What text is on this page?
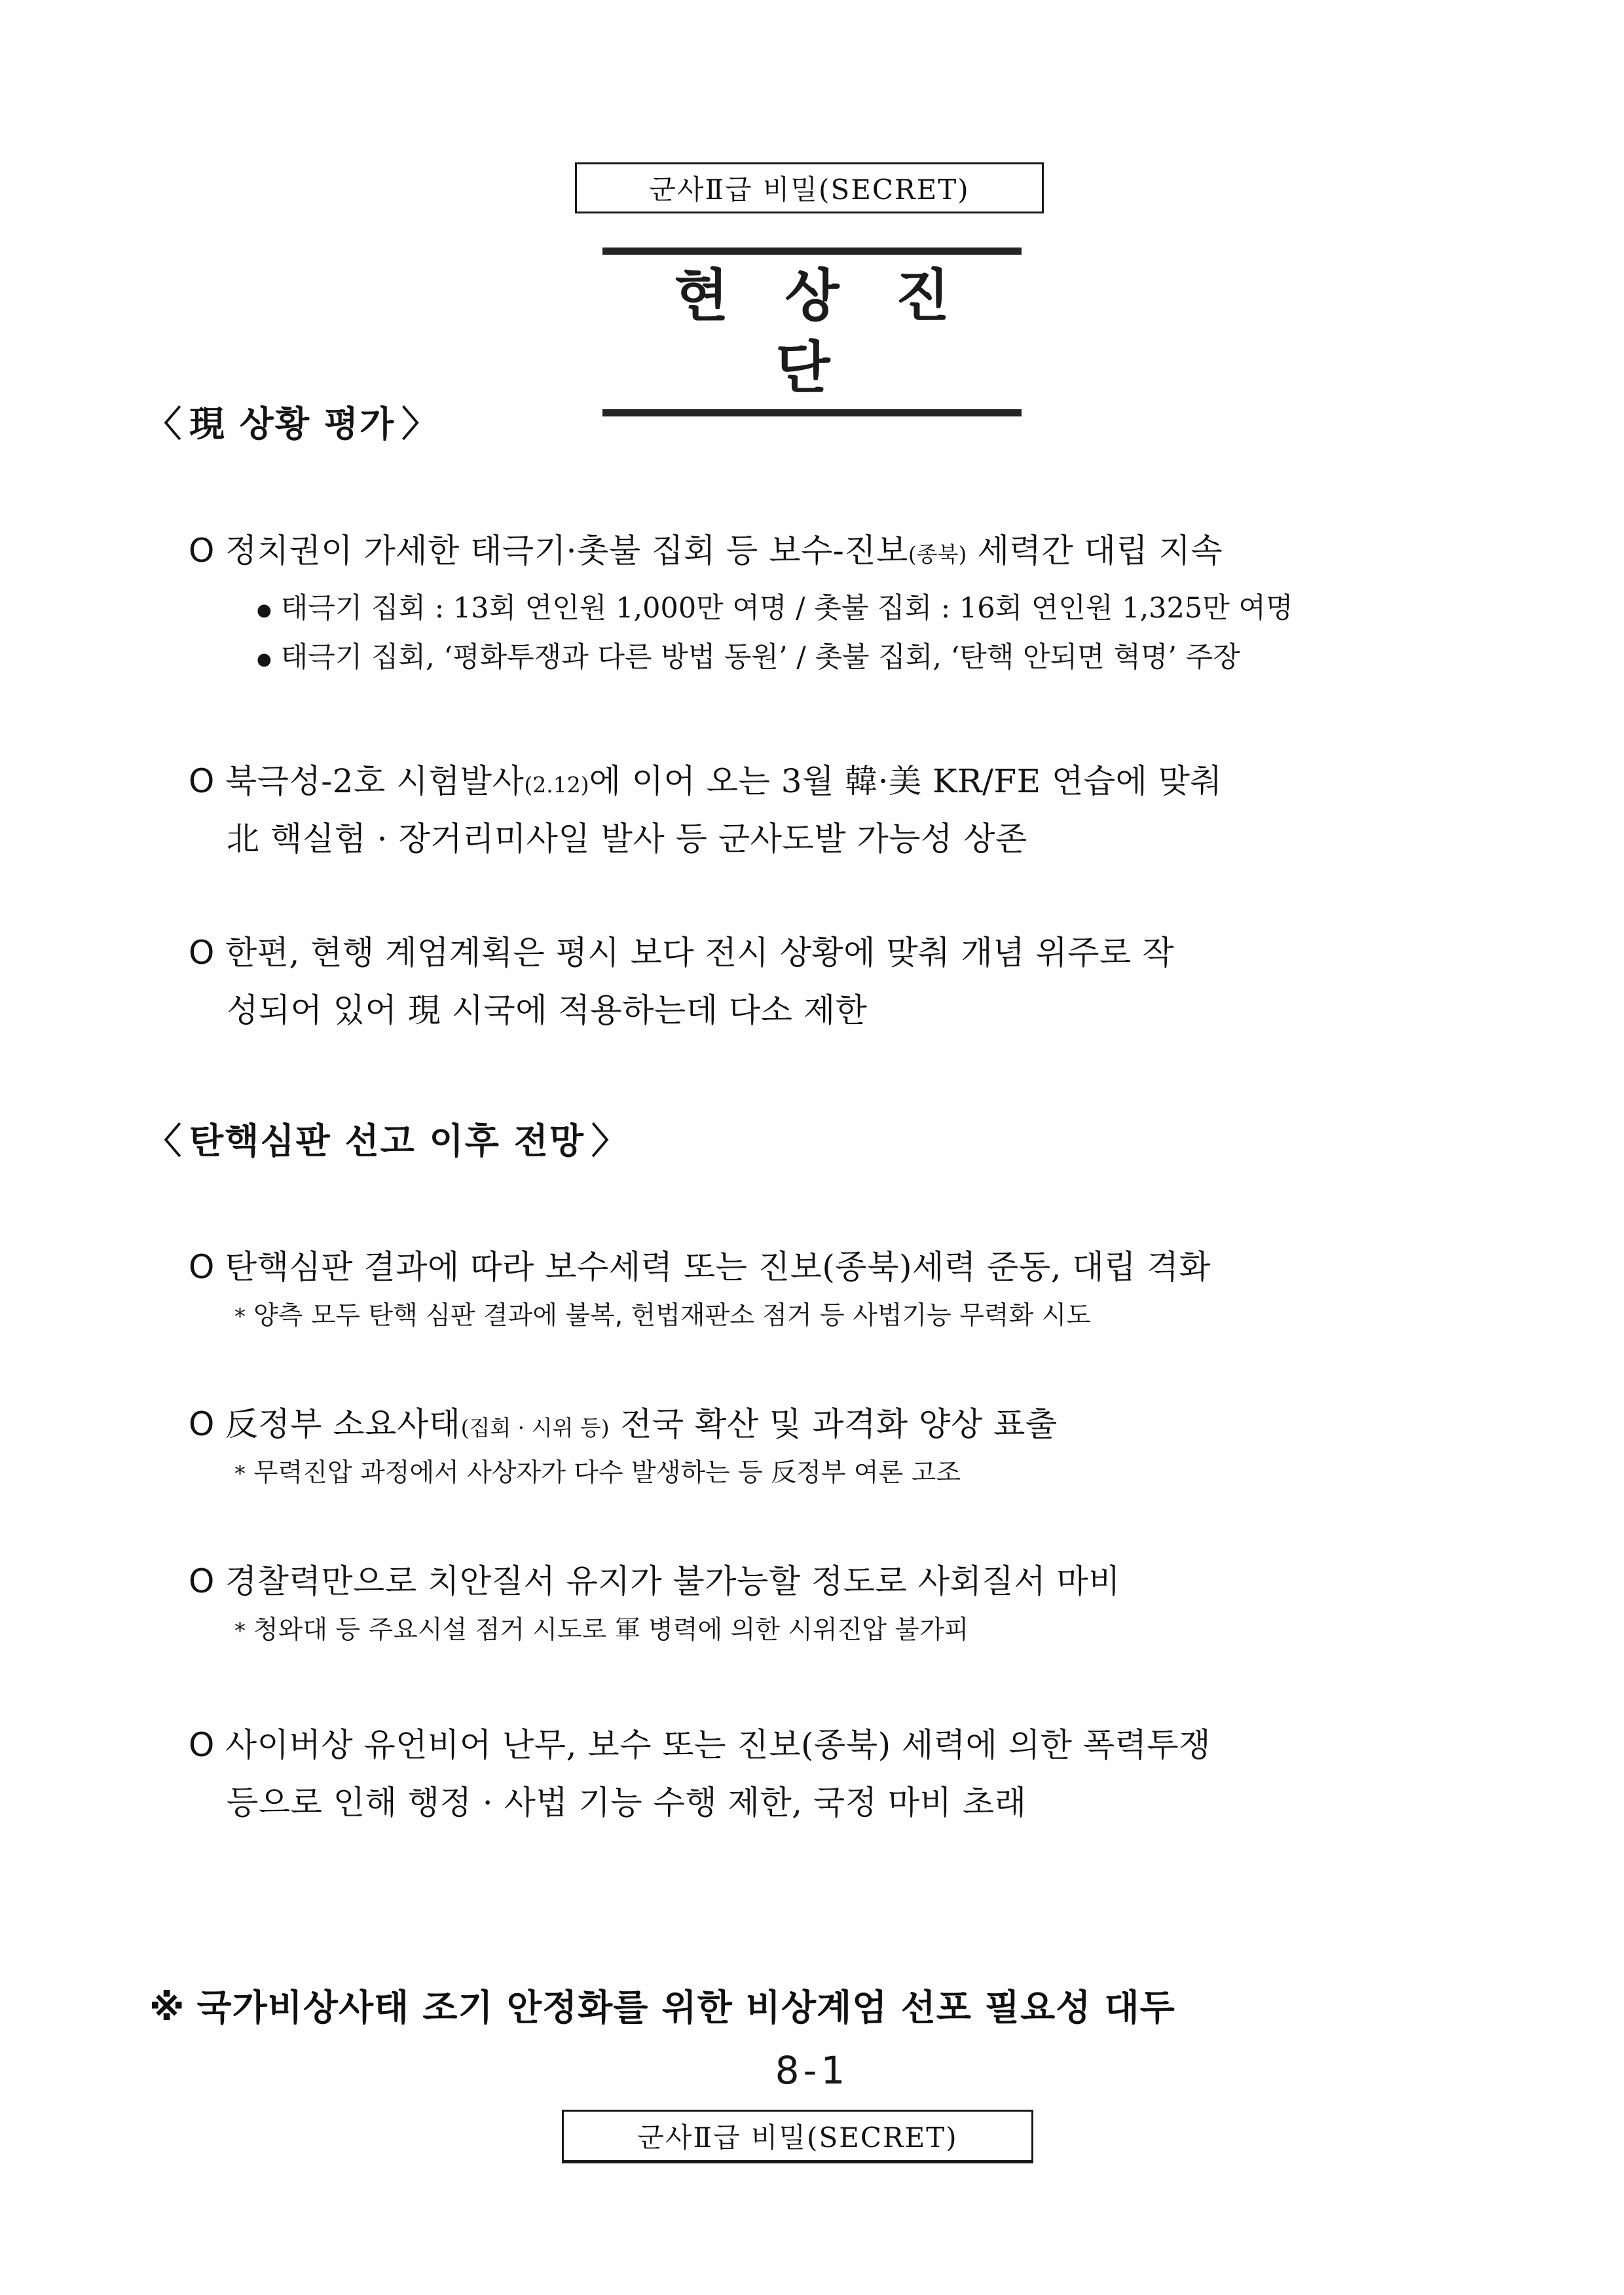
군사Ⅱ급 비밀(SECRET)
현 상 진 단
〈 現 상황 평가 〉
O 정치권이 가세한 태극기·촛불 집회 등 보수-진보(종북) 세력간 대립 지속
● 태극기 집회 : 13회 연인원 1,000만 여명 / 촛불 집회 : 16회 연인원 1,325만 여명
● 태극기 집회, ‘평화투쟁과 다른 방법 동원’ / 촛불 집회, ‘탄핵 안되면 혁명’ 주장
O 북극성-2호 시험발사(2.12)에 이어 오는 3월 韓·美 KR/FE 연습에 맞춰
北 핵실험 · 장거리미사일 발사 등 군사도발 가능성 상존
O 한편, 현행 계엄계획은 평시 보다 전시 상황에 맞춰 개념 위주로 작
성되어 있어 現 시국에 적용하는데 다소 제한
〈 탄핵심판 선고 이후 전망 〉
O 탄핵심판 결과에 따라 보수세력 또는 진보(종북)세력 준동, 대립 격화
* 양측 모두 탄핵 심판 결과에 불복, 헌법재판소 점거 등 사법기능 무력화 시도
O 反정부 소요사태(집회 · 시위 등) 전국 확산 및 과격화 양상 표출
* 무력진압 과정에서 사상자가 다수 발생하는 등 反정부 여론 고조
O 경찰력만으로 치안질서 유지가 불가능할 정도로 사회질서 마비
* 청와대 등 주요시설 점거 시도로 軍 병력에 의한 시위진압 불가피
O 사이버상 유언비어 난무, 보수 또는 진보(종북) 세력에 의한 폭력투쟁
등으로 인해 행정 · 사법 기능 수행 제한, 국정 마비 초래
※ 국가비상사태 조기 안정화를 위한 비상계엄 선포 필요성 대두
8-1
군사Ⅱ급 비밀(SECRET)
